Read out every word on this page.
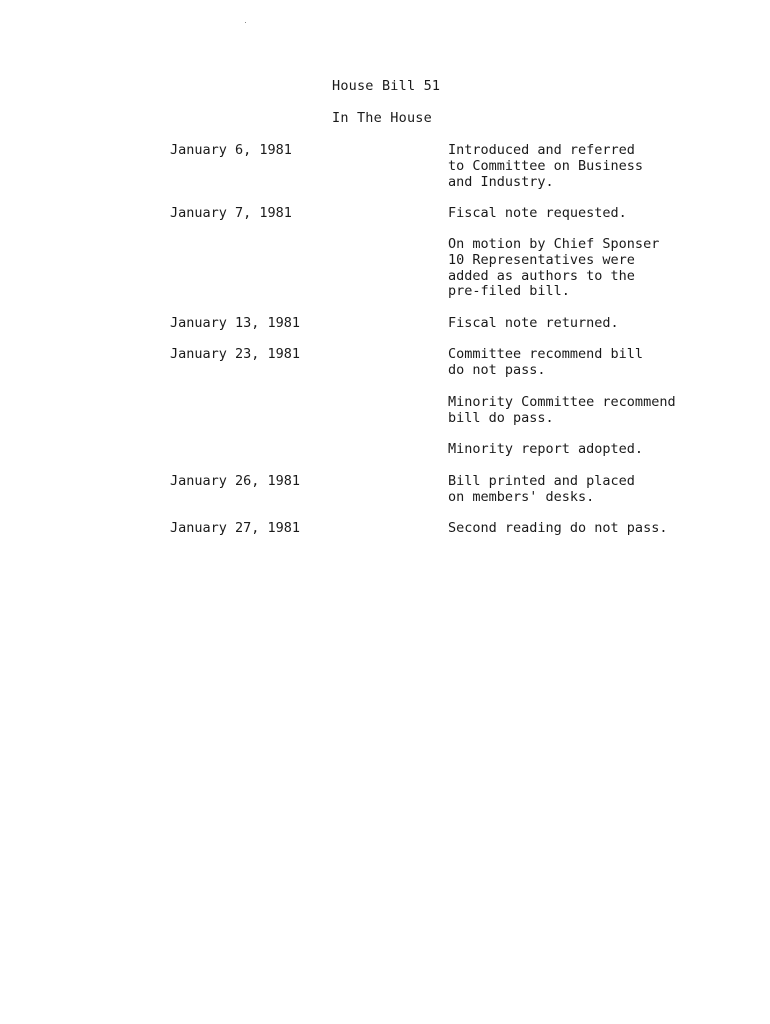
House Bill 51
In The House
January 6, 1981	Introduced and referred
to Committee on Business
and Industry.
January 7, 1981	Fiscal note requested.
On motion by Chief Sponser
10 Representatives were
added as authors to the
pre-filed bill.
January 13, 1981	Fiscal note returned.
January 23, 1981	Committee recommend bill
do not pass.
Minority Committee recommend
bill do pass.
Minority report adopted.
January 26, 1981	Bill printed and placed
on members' desks.
January 27, 1981	Second reading do not pass.
